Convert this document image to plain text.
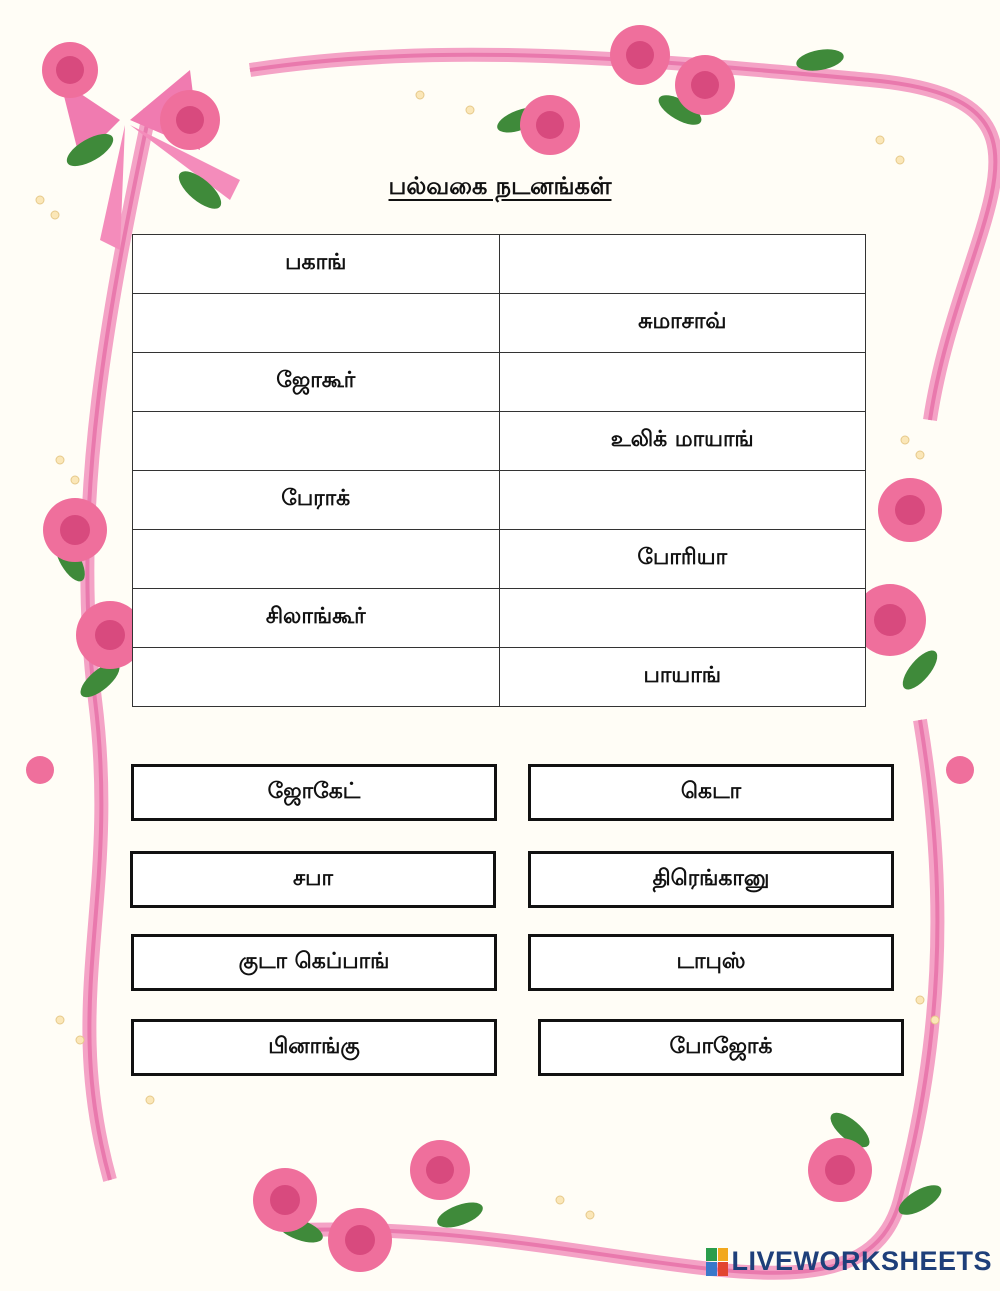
பல்வகை நடனங்கள்
பகாங்	
	சுமாசாவ்
ஜோகூர்	
	உலிக் மாயாங்
பேராக்	
	போரியா
சிலாங்கூர்	
	பாயாங்
ஜோகேட்	கெடா
சபா	திரெங்கானு
குடா கெப்பாங்	டாபுஸ்
பினாங்கு	போஜோக்
LIVEWORKSHEETS
